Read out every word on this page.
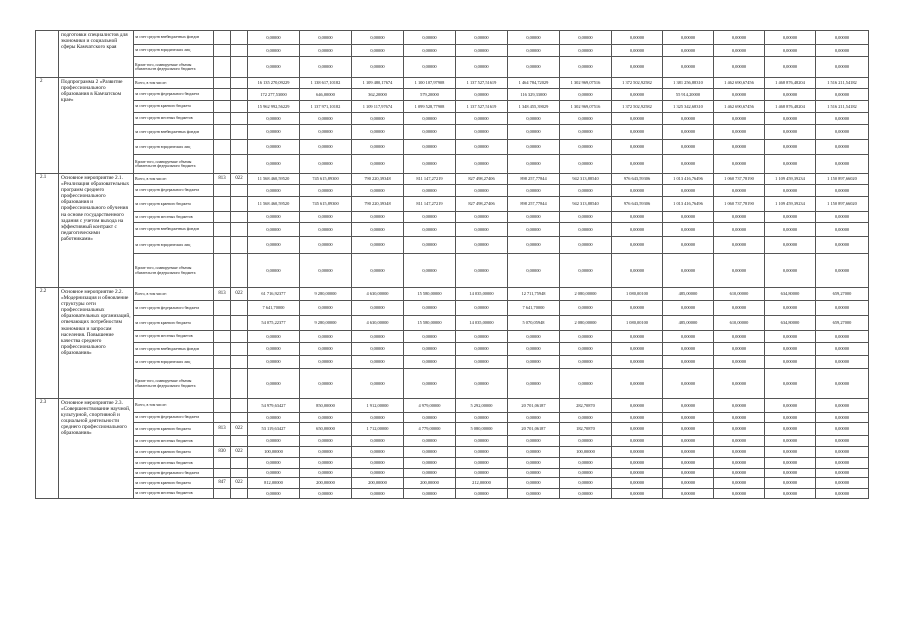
	подготовки специалистов для экономики и социальной сферы Камчатского края	за счет средств внебюджетных фондов			0,00000	0,00000	0,00000	0,00000	0,00000	0,00000	0,00000	0,00000	0,00000	0,00000	0,00000	0,00000
		за счет средств юридических лиц			0,00000	0,00000	0,00000	0,00000	0,00000	0,00000	0,00000	0,00000	0,00000	0,00000	0,00000	0,00000
		Кроме того, планируемые объемы обязательств федерального бюджета			0,00000	0,00000	0,00000	0,00000	0,00000	0,00000	0,00000	0,00000	0,00000	0,00000	0,00000	0,00000
2	Подпрограмма 2 «Развитие профессионального образования в Камчатском крае»	Всего, в том числе:			16 135 270,09229	1 138 617,10182	1 109 480,17674	1 100 107,97908	1 137 527,51619	1 464 784,72029	1 302 969,07516	1 372 502,92582	1 381 256,88310	1 462 690,67456	1 468 876,48204	1 516 211,54182
		за счет средств федерального бюджета			172 277,53000	646,00000	362,20000	579,20000	0,00000	116 329,33000	0,00000	0,00000	55 914,20000	0,00000	0,00000	0,00000
		за счет средств краевого бюджета			15 962 992,56229	1 137 971,10182	1 109 117,97674	1 099 528,77908	1 137 527,51619	1 348 455,39029	1 302 969,07516	1 372 502,92582	1 325 342,68310	1 462 690,67456	1 468 876,48204	1 516 211,54182
		за счет средств местных бюджетов			0,00000	0,00000	0,00000	0,00000	0,00000	0,00000	0,00000	0,00000	0,00000	0,00000	0,00000	0,00000
		за счет средств внебюджетных фондов			0,00000	0,00000	0,00000	0,00000	0,00000	0,00000	0,00000	0,00000	0,00000	0,00000	0,00000	0,00000
		за счет средств юридических лиц			0,00000	0,00000	0,00000	0,00000	0,00000	0,00000	0,00000	0,00000	0,00000	0,00000	0,00000	0,00000
		Кроме того, планируемые объемы обязательств федерального бюджета			0,00000	0,00000	0,00000	0,00000	0,00000	0,00000	0,00000	0,00000	0,00000	0,00000	0,00000	0,00000
2.1	Основное мероприятие 2.1. «Реализация образовательных программ среднего профессионального образования и профессионального обучения на основе государственного задания с учетом выхода на эффективный контракт с педагогическими работниками»	Всего, в том числе:	813	022	11 568 460,59520	745 615,89300	790 220,39348	811 147,27219	827 498,27406	898 257,77844	942 313,88540	976 643,59306	1 013 416,76496	1 060 737,78190	1 109 459,39234	1 150 897,66020
		за счет средств федерального бюджета			0,00000	0,00000	0,00000	0,00000	0,00000	0,00000	0,00000	0,00000	0,00000	0,00000	0,00000	0,00000
		за счет средств краевого бюджета			11 568 460,59520	745 615,89300	790 220,39348	811 147,27219	827 498,27406	898 257,77844	942 313,88540	976 643,59306	1 013 416,76496	1 060 737,78190	1 109 459,39234	1 150 897,66020
		за счет средств местных бюджетов			0,00000	0,00000	0,00000	0,00000	0,00000	0,00000	0,00000	0,00000	0,00000	0,00000	0,00000	0,00000
		за счет средств внебюджетных фондов			0,00000	0,00000	0,00000	0,00000	0,00000	0,00000	0,00000	0,00000	0,00000	0,00000	0,00000	0,00000
		за счет средств юридических лиц			0,00000	0,00000	0,00000	0,00000	0,00000	0,00000	0,00000	0,00000	0,00000	0,00000	0,00000	0,00000
		Кроме того, планируемые объемы обязательств федерального бюджета			0,00000	0,00000	0,00000	0,00000	0,00000	0,00000	0,00000	0,00000	0,00000	0,00000	0,00000	0,00000
2.2	Основное мероприятие 2.2. «Модернизация и обновление структуры сети профессиональных образовательных организаций, отвечающих потребностям экономики и запросам населения. Повышение качества среднего профессионального образования»	Всего, в том числе:	813	022	61 716,92377	9 280,00000	4 630,00000	15 580,00000	14 035,00000	12 711,75948	2 080,00000	1 080,00100	485,00000	610,00000	634,80000	659,27000
		за счет средств федерального бюджета			7 641,70000	0,00000	0,00000	0,00000	0,00000	7 641,70000	0,00000	0,00000	0,00000	0,00000	0,00000	0,00000
		за счет средств краевого бюджета			54 075,22377	9 280,00000	4 630,00000	15 580,00000	14 035,00000	5 070,05948	2 080,00000	1 080,00100	485,00000	610,00000	634,80000	659,27000
		за счет средств местных бюджетов			0,00000	0,00000	0,00000	0,00000	0,00000	0,00000	0,00000	0,00000	0,00000	0,00000	0,00000	0,00000
		за счет средств внебюджетных фондов			0,00000	0,00000	0,00000	0,00000	0,00000	0,00000	0,00000	0,00000	0,00000	0,00000	0,00000	0,00000
		за счет средств юридических лиц			0,00000	0,00000	0,00000	0,00000	0,00000	0,00000	0,00000	0,00000	0,00000	0,00000	0,00000	0,00000
		Кроме того, планируемые объемы обязательств федерального бюджета			0,00000	0,00000	0,00000	0,00000	0,00000	0,00000	0,00000	0,00000	0,00000	0,00000	0,00000	0,00000
2.3	Основное мероприятие 2.3. «Совершенствование научной, культурной, спортивной и социальной деятельности среднего профессионального образования»	Всего, в том числе:			54 979,63427	850,00000	1 912,00000	4 979,00000	5 292,00000	20 701,06187	282,70870	0,00000	0,00000	0,00000	0,00000	0,00000
		за счет средств федерального бюджета			0,00000	0,00000	0,00000	0,00000	0,00000	0,00000	0,00000	0,00000	0,00000	0,00000	0,00000	0,00000
		за счет средств краевого бюджета	813	022	53 119,63427	650,00000	1 712,00000	4 779,00000	5 080,00000	20 701,06187	182,70870	0,00000	0,00000	0,00000	0,00000	0,00000
		за счет средств местных бюджетов			0,00000	0,00000	0,00000	0,00000	0,00000	0,00000	0,00000	0,00000	0,00000	0,00000	0,00000	0,00000
		за счет средств краевого бюджета	830	022	100,00000	0,00000	0,00000	0,00000	0,00000	0,00000	100,00000	0,00000	0,00000	0,00000	0,00000	0,00000
		за счет средств местных бюджетов			0,00000	0,00000	0,00000	0,00000	0,00000	0,00000	0,00000	0,00000	0,00000	0,00000	0,00000	0,00000
		за счет средств федерального бюджета			0,00000	0,00000	0,00000	0,00000	0,00000	0,00000	0,00000	0,00000	0,00000	0,00000	0,00000	0,00000
		за счет средств краевого бюджета	847	022	812,00000	200,00000	200,00000	200,00000	212,00000	0,00000	0,00000	0,00000	0,00000	0,00000	0,00000	0,00000
		за счет средств местных бюджетов			0,00000	0,00000	0,00000	0,00000	0,00000	0,00000	0,00000	0,00000	0,00000	0,00000	0,00000	0,00000
